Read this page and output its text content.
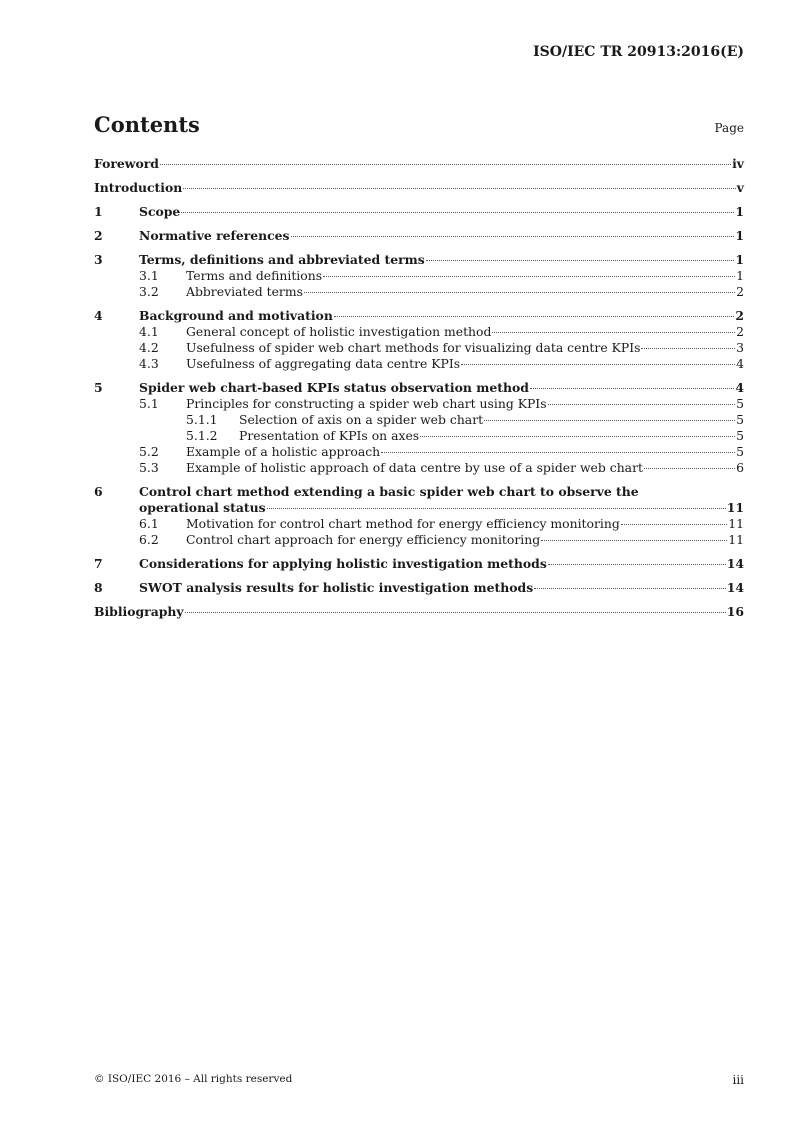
ISO/IEC TR 20913:2016(E)
Contents	Page
Foreword	iv
Introduction	v
1	Scope	1
2	Normative references	1
3	Terms, definitions and abbreviated terms	1
3.1	Terms and definitions	1
3.2	Abbreviated terms	2
4	Background and motivation	2
4.1	General concept of holistic investigation method	2
4.2	Usefulness of spider web chart methods for visualizing data centre KPIs	3
4.3	Usefulness of aggregating data centre KPIs	4
5	Spider web chart-based KPIs status observation method	4
5.1	Principles for constructing a spider web chart using KPIs	5
5.1.1	Selection of axis on a spider web chart	5
5.1.2	Presentation of KPIs on axes	5
5.2	Example of a holistic approach	5
5.3	Example of holistic approach of data centre by use of a spider web chart	6
6	Control chart method extending a basic spider web chart to observe the
operational status	11
6.1	Motivation for control chart method for energy efficiency monitoring	11
6.2	Control chart approach for energy efficiency monitoring	11
7	Considerations for applying holistic investigation methods	14
8	SWOT analysis results for holistic investigation methods	14
Bibliography	16
© ISO/IEC 2016 – All rights reserved	iii
